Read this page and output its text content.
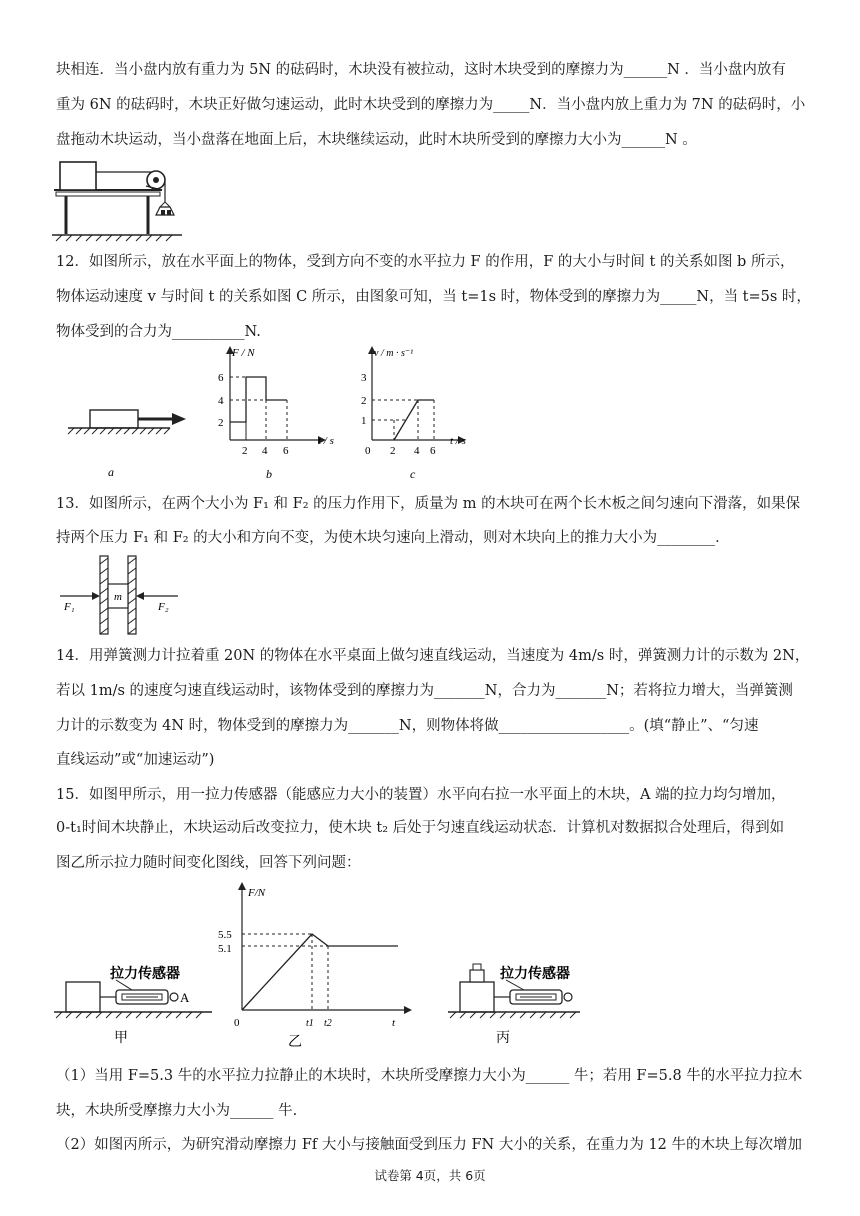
块相连．当小盘内放有重力为 5N 的砝码时，木块没有被拉动，这时木块受到的摩擦力为______N ．当小盘内放有
重为 6N 的砝码时，木块正好做匀速运动，此时木块受到的摩擦力为_____N．当小盘内放上重力为 7N 的砝码时，小
盘拖动木块运动，当小盘落在地面上后，木块继续运动，此时木块所受到的摩擦力大小为______N 。
12．如图所示，放在水平面上的物体，受到方向不变的水平拉力 F 的作用，F 的大小与时间 t 的关系如图 b 所示，
物体运动速度 v 与时间 t 的关系如图 C 所示，由图象可知，当 t=1s 时，物体受到的摩擦力为_____N，当 t=5s 时，
物体受到的合力为__________N.
a
F / N
t / s
6
4
2
2 4 6
b
v / m · s⁻¹
t / s
3
2
1
0 2 4 6
c
13．如图所示，在两个大小为 F₁ 和 F₂ 的压力作用下，质量为 m 的木块可在两个长木板之间匀速向下滑落，如果保
持两个压力 F₁ 和 F₂ 的大小和方向不变，为使木块匀速向上滑动，则对木块向上的推力大小为________．
m
F₁	F₂
14．用弹簧测力计拉着重 20N 的物体在水平桌面上做匀速直线运动，当速度为 4m/s 时，弹簧测力计的示数为 2N，
若以 1m/s 的速度匀速直线运动时，该物体受到的摩擦力为_______N，合力为_______N；若将拉力增大，当弹簧测
力计的示数变为 4N 时，物体受到的摩擦力为_______N，则物体将做__________________。(填“静止”、“匀速
直线运动”或“加速运动”)
15．如图甲所示，用一拉力传感器（能感应力大小的装置）水平向右拉一水平面上的木块，A 端的拉力均匀增加，
0-t₁时间木块静止，木块运动后改变拉力，使木块 t₂ 后处于匀速直线运动状态．计算机对数据拟合处理后，得到如
图乙所示拉力随时间变化图线，回答下列问题：
A
拉力传感器
甲
F/N
5.5
5.1
0	t1 t2	t
乙
拉力传感器
丙
（1）当用 F=5.3 牛的水平拉力拉静止的木块时，木块所受摩擦力大小为______ 牛；若用 F=5.8 牛的水平拉力拉木
块，木块所受摩擦力大小为______ 牛.
（2）如图丙所示，为研究滑动摩擦力 Ff 大小与接触面受到压力 FN 大小的关系，在重力为 12 牛的木块上每次增加
试卷第 4页，共 6页
